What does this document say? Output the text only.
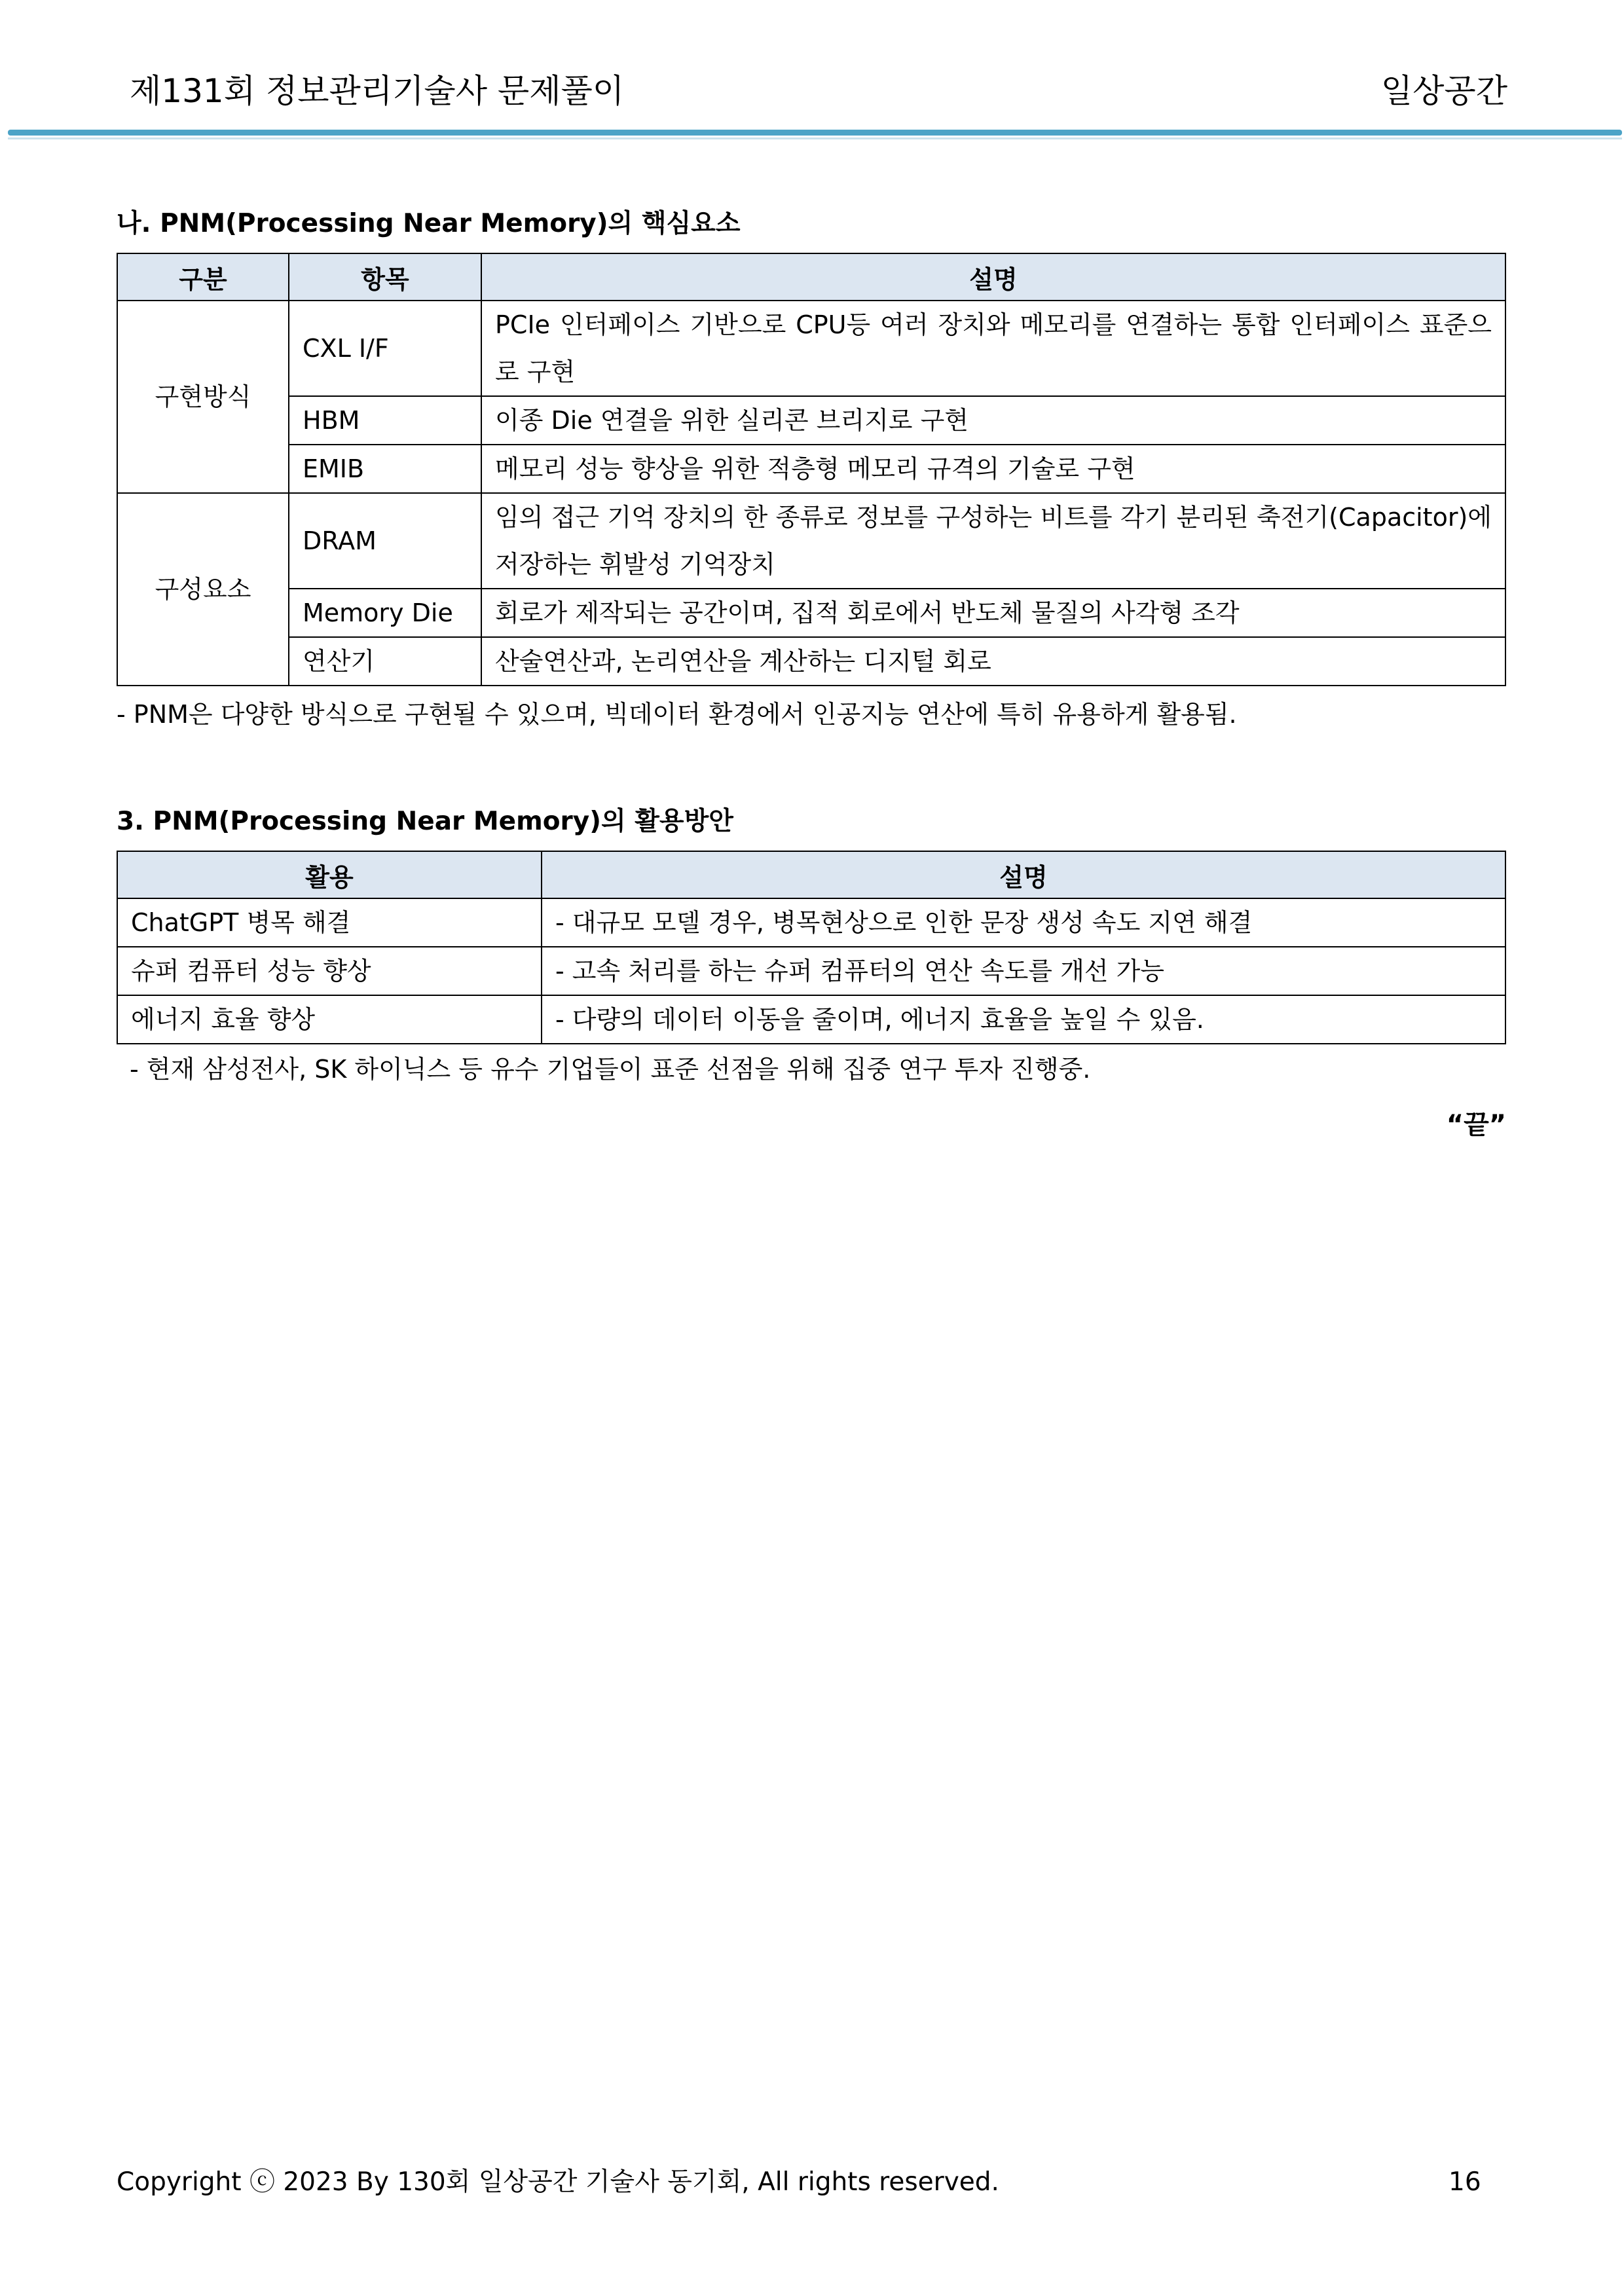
제131회 정보관리기술사 문제풀이	일상공간
나. PNM(Processing Near Memory)의 핵심요소
구분	항목	설명
구현방식	CXL I/F	PCIe 인터페이스 기반으로 CPU등 여러 장치와 메모리를 연결하는 통합 인터페이스 표준으로 구현
	HBM	이종 Die 연결을 위한 실리콘 브리지로 구현
	EMIB	메모리 성능 향상을 위한 적층형 메모리 규격의 기술로 구현
구성요소	DRAM	임의 접근 기억 장치의 한 종류로 정보를 구성하는 비트를 각기 분리된 축전기(Capacitor)에 저장하는 휘발성 기억장치
	Memory Die	회로가 제작되는 공간이며, 집적 회로에서 반도체 물질의 사각형 조각
	연산기	산술연산과, 논리연산을 계산하는 디지털 회로
- PNM은 다양한 방식으로 구현될 수 있으며, 빅데이터 환경에서 인공지능 연산에 특히 유용하게 활용됨.
3. PNM(Processing Near Memory)의 활용방안
활용	설명
ChatGPT 병목 해결	- 대규모 모델 경우, 병목현상으로 인한 문장 생성 속도 지연 해결
슈퍼 컴퓨터 성능 향상	- 고속 처리를 하는 슈퍼 컴퓨터의 연산 속도를 개선 가능
에너지 효율 향상	- 다량의 데이터 이동을 줄이며, 에너지 효율을 높일 수 있음.
- 현재 삼성전사, SK 하이닉스 등 유수 기업들이 표준 선점을 위해 집중 연구 투자 진행중.
“끝”
Copyright ⓒ 2023 By 130회 일상공간 기술사 동기회, All rights reserved.	16
